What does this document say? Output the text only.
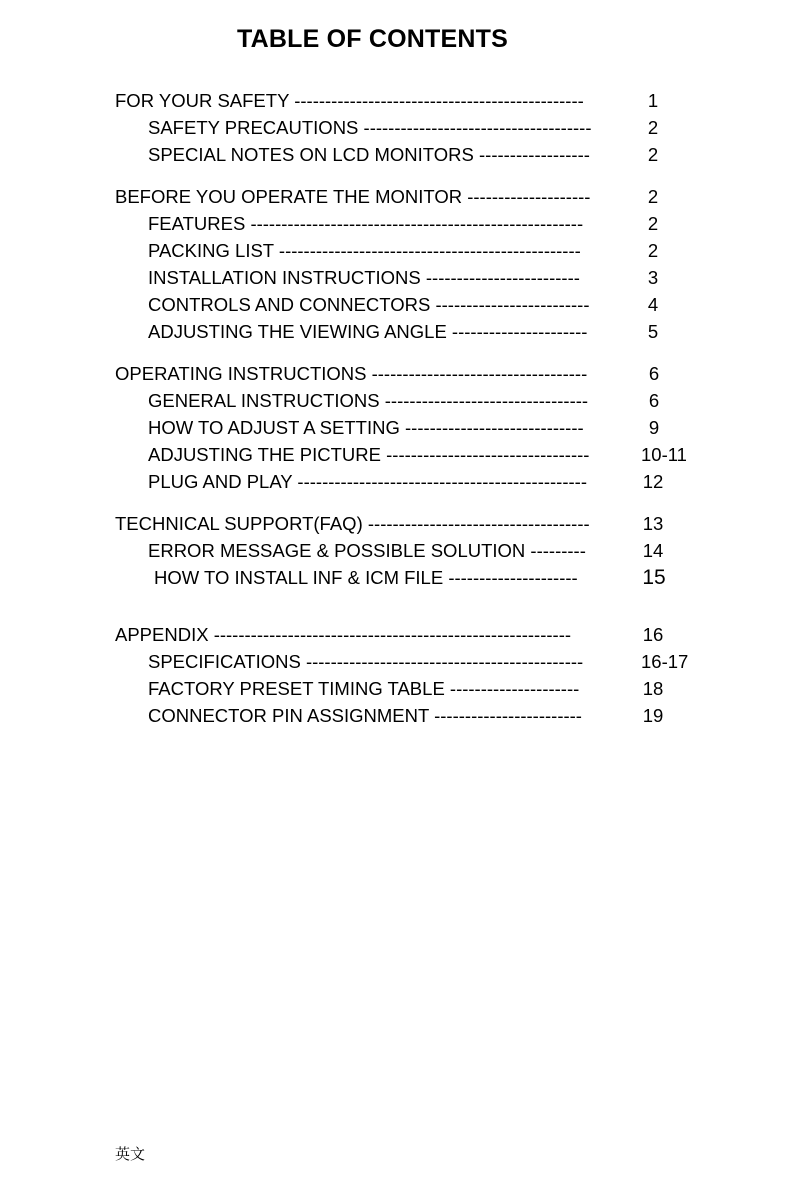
TABLE OF CONTENTS
FOR YOUR SAFETY -----------------------------------------------	1
SAFETY PRECAUTIONS -------------------------------------	2
SPECIAL NOTES ON LCD MONITORS ------------------	2
BEFORE YOU OPERATE THE MONITOR --------------------	2
FEATURES ------------------------------------------------------	2
PACKING LIST -------------------------------------------------	2
INSTALLATION INSTRUCTIONS -------------------------	3
CONTROLS AND CONNECTORS -------------------------	4
ADJUSTING THE VIEWING ANGLE ----------------------	5
OPERATING INSTRUCTIONS -----------------------------------	6
GENERAL INSTRUCTIONS ---------------------------------	6
HOW TO ADJUST A SETTING -----------------------------	9
ADJUSTING THE PICTURE ---------------------------------	10-11
PLUG AND PLAY -----------------------------------------------	12
TECHNICAL SUPPORT(FAQ) ------------------------------------	13
ERROR MESSAGE & POSSIBLE SOLUTION ---------	14
HOW TO INSTALL INF & ICM FILE ---------------------	15
APPENDIX ----------------------------------------------------------	16
SPECIFICATIONS ---------------------------------------------	16-17
FACTORY PRESET TIMING TABLE ---------------------	18
CONNECTOR PIN ASSIGNMENT ------------------------	19
英文
